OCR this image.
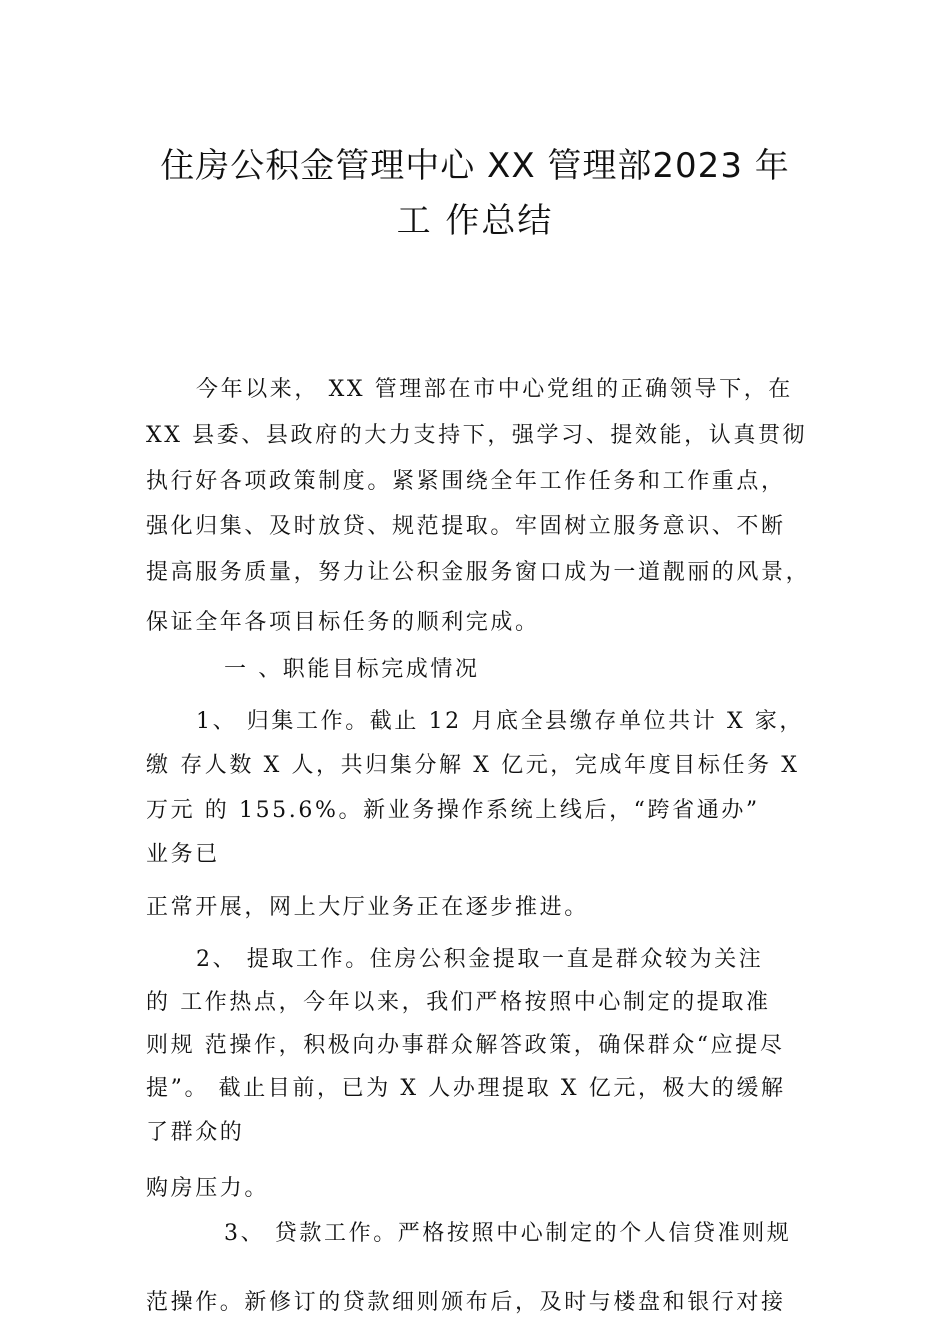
住房公积金管理中心 XX 管理部2023 年
工 作总结
今年以来， XX 管理部在市中心党组的正确领导下，在
XX 县委、县政府的大力支持下，强学习、提效能，认真贯彻
执行好各项政策制度。紧紧围绕全年工作任务和工作重点，
强化归集、及时放贷、规范提取。牢固树立服务意识、不断
提高服务质量，努力让公积金服务窗口成为一道靓丽的风景，
保证全年各项目标任务的顺利完成。
一 、职能目标完成情况
1、 归集工作。截止 12 月底全县缴存单位共计 X 家，
缴 存人数 X 人，共归集分解 X 亿元，完成年度目标任务 X
万元 的 155.6%。新业务操作系统上线后，“跨省通办”
业务已
正常开展，网上大厅业务正在逐步推进。
2、 提取工作。住房公积金提取一直是群众较为关注
的 工作热点，今年以来，我们严格按照中心制定的提取准
则规 范操作，积极向办事群众解答政策，确保群众“应提尽
提”。 截止目前，已为 X 人办理提取 X 亿元，极大的缓解
了群众的
购房压力。
3、 贷款工作。严格按照中心制定的个人信贷准则规
范操作。新修订的贷款细则颁布后，及时与楼盘和银行对接
